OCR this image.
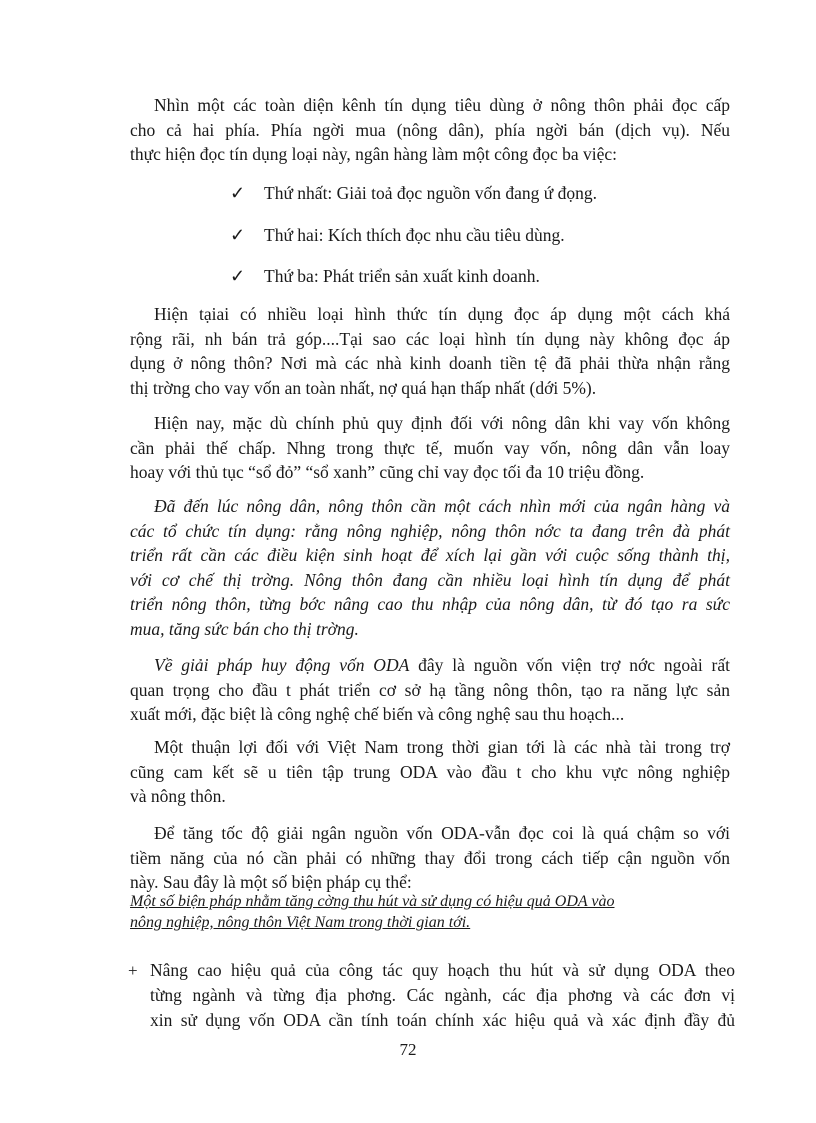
Nhìn một các toàn diện kênh tín dụng tiêu dùng ở nông thôn phải đọc cấp
cho cả hai phía. Phía ngời mua (nông dân), phía ngời bán (dịch vụ). Nếu
thực hiện đọc tín dụng loại này, ngân hàng làm một công đọc ba việc:

✓ Thứ nhất: Giải toả đọc nguồn vốn đang ứ đọng.
✓ Thứ hai: Kích thích đọc nhu cầu tiêu dùng.
✓ Thứ ba: Phát triển sản xuất kinh doanh.

Hiện tạiai có nhiều loại hình thức tín dụng đọc áp dụng một cách khá
rộng rãi, nh bán trả góp....Tại sao các loại hình tín dụng này không đọc áp
dụng ở nông thôn? Nơi mà các nhà kinh doanh tiền tệ đã phải thừa nhận rằng
thị trờng cho vay vốn an toàn nhất, nợ quá hạn thấp nhất (dới 5%).

Hiện nay, mặc dù chính phủ quy định đối với nông dân khi vay vốn không
cần phải thế chấp. Nhng trong thực tế, muốn vay vốn, nông dân vẫn loay
hoay với thủ tục “sổ đỏ” “sổ xanh” cũng chỉ vay đọc tối đa 10 triệu đồng.

Đã đến lúc nông dân, nông thôn cần một cách nhìn mới của ngân hàng và
các tổ chức tín dụng: rằng nông nghiệp, nông thôn nớc ta đang trên đà phát
triển rất cần các điều kiện sinh hoạt để xích lại gần với cuộc sống thành thị,
với cơ chế thị trờng. Nông thôn đang cần nhiều loại hình tín dụng để phát
triển nông thôn, từng bớc nâng cao thu nhập của nông dân, từ đó tạo ra sức
mua, tăng sức bán cho thị trờng.

Về giải pháp huy động vốn ODA đây là nguồn vốn viện trợ nớc ngoài rất
quan trọng cho đầu t phát triển cơ sở hạ tầng nông thôn, tạo ra năng lực sản
xuất mới, đặc biệt là công nghệ chế biến và công nghệ sau thu hoạch...

Một thuận lợi đối với Việt Nam trong thời gian tới là các nhà tài trong trợ
cũng cam kết sẽ u tiên tập trung ODA vào đầu t cho khu vực nông nghiệp
và nông thôn.

Để tăng tốc độ giải ngân nguồn vốn ODA-vẫn đọc coi là quá chậm so với
tiềm năng của nó cần phải có những thay đổi trong cách tiếp cận nguồn vốn
này. Sau đây là một số biện pháp cụ thể:

Một số biện pháp nhằm tăng cờng thu hút và sử dụng có hiệu quả ODA vào
nông nghiệp, nông thôn Việt Nam trong thời gian tới.
+ Nâng cao hiệu quả của công tác quy hoạch thu hút và sử dụng ODA theo
từng ngành và từng địa phơng. Các ngành, các địa phơng và các đơn vị
xin sử dụng vốn ODA cần tính toán chính xác hiệu quả và xác định đầy đủ
72
